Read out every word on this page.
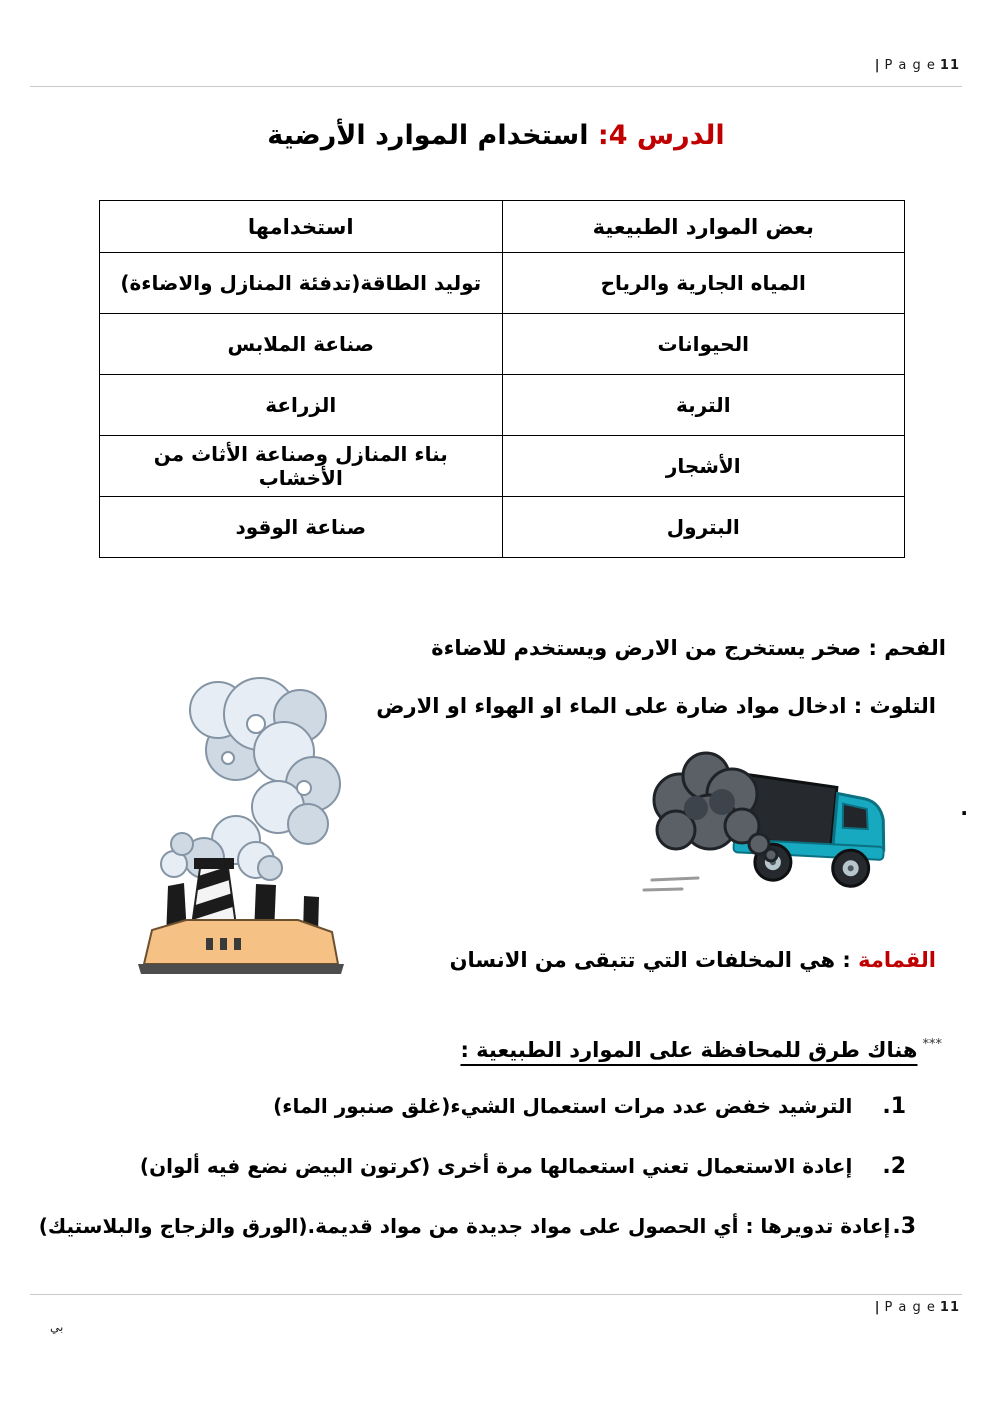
| P a g e 11
الدرس 4: استخدام الموارد الأرضية
بعض الموارد الطبيعية	استخدامها
المياه الجارية والرياح	توليد الطاقة(تدفئة المنازل والاضاءة)
الحيوانات	صناعة الملابس
التربة	الزراعة
الأشجار	بناء المنازل وصناعة الأثاث من الأخشاب
البترول	صناعة الوقود

الفحم : صخر يستخرج من الارض ويستخدم للاضاءة

التلوث : ادخال مواد ضارة على الماء او الهواء او الارض

.

القمامة : هي المخلفات التي تتبقى من الانسان

***هناك طرق للمحافظة على الموارد الطبيعية :

1.الترشيد خفض عدد مرات استعمال الشيء(غلق صنبور الماء)

2.إعادة الاستعمال تعني استعمالها مرة أخرى (كرتون البيض نضع فيه ألوان)

3.إعادة تدويرها : أي الحصول على مواد جديدة من مواد قديمة.(الورق والزجاج والبلاستيك)

| P a g e 11
بي
